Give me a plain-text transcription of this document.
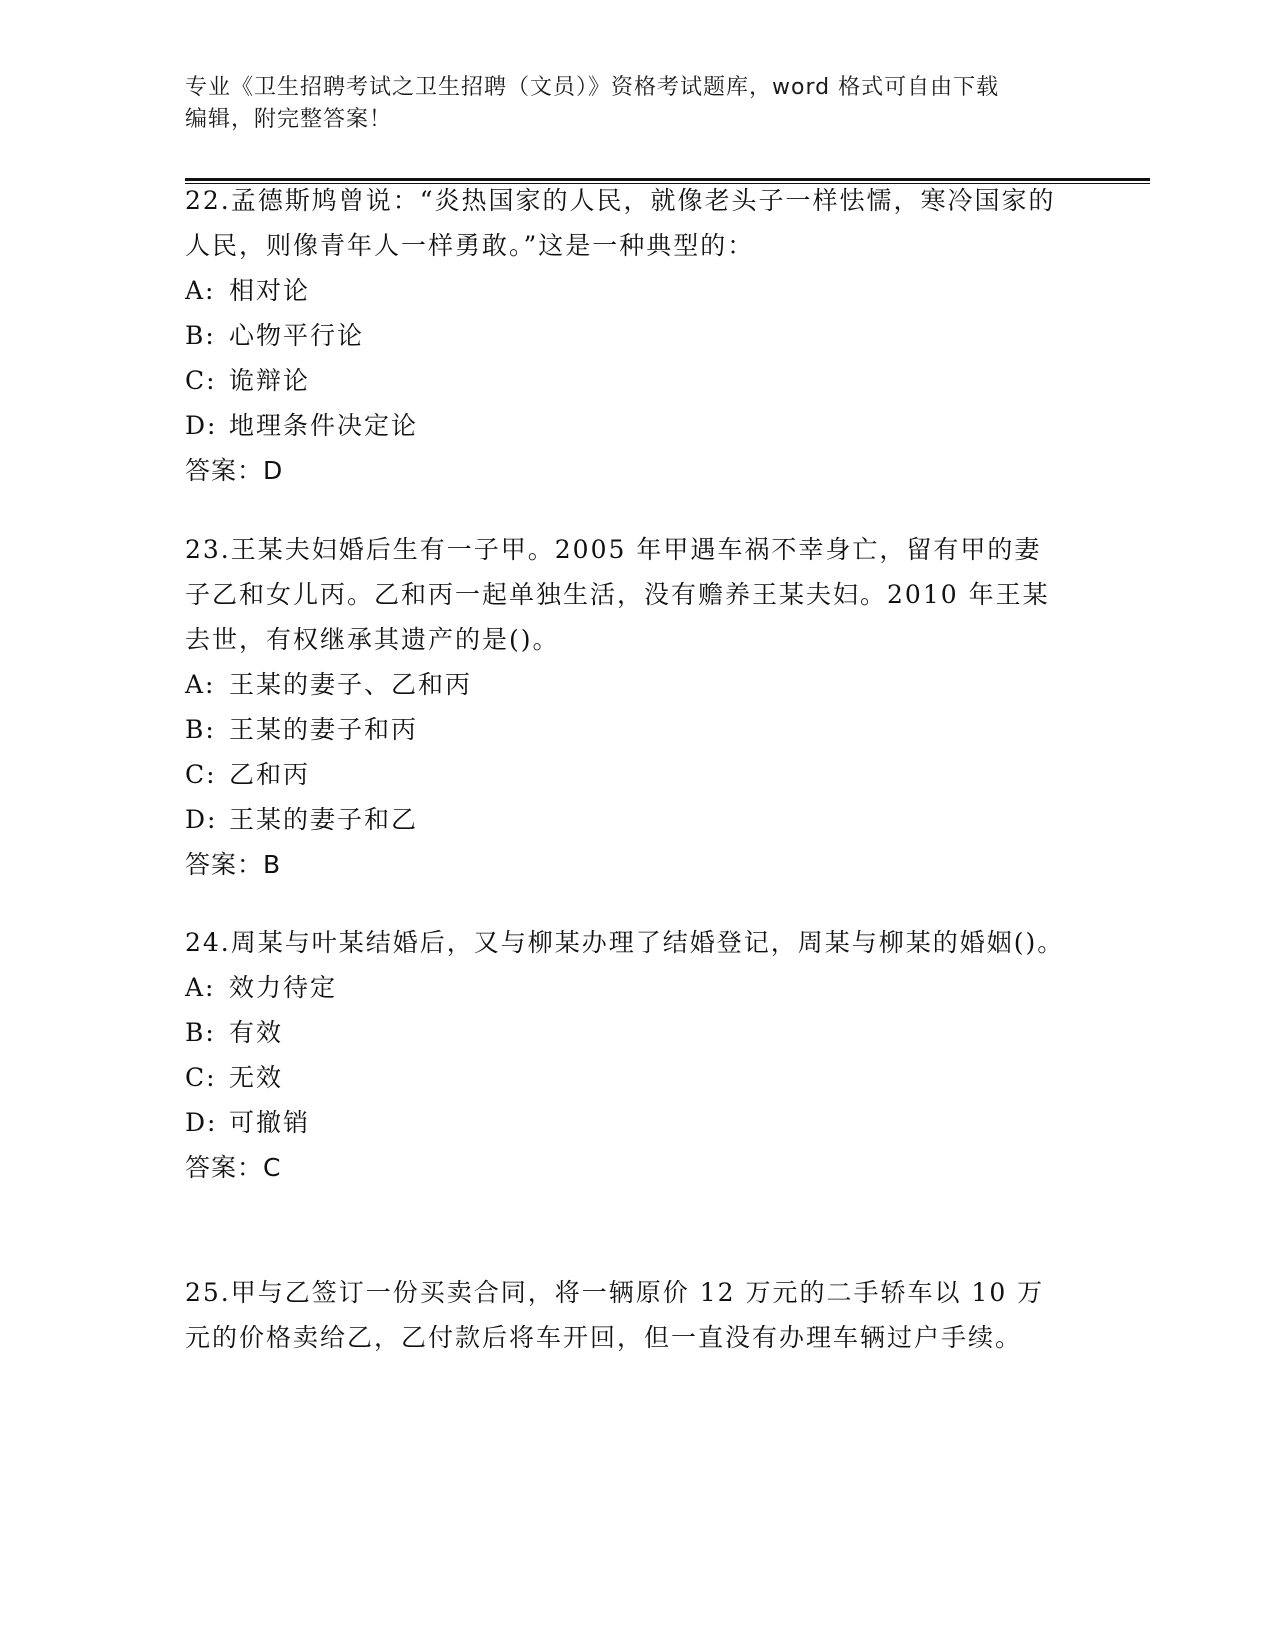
专业《卫生招聘考试之卫生招聘（文员）》资格考试题库，word 格式可自由下载
编辑，附完整答案！

22.孟德斯鸠曾说：“炎热国家的人民，就像老头子一样怯懦，寒冷国家的人民，则像青年人一样勇敢。”这是一种典型的：

A: 相对论

B: 心物平行论

C: 诡辩论

D: 地理条件决定论

答案：D

23.王某夫妇婚后生有一子甲。2005 年甲遇车祸不幸身亡，留有甲的妻子乙和女儿丙。乙和丙一起单独生活，没有赡养王某夫妇。2010 年王某去世，有权继承其遗产的是()。

A: 王某的妻子、乙和丙

B: 王某的妻子和丙

C: 乙和丙

D: 王某的妻子和乙

答案：B

24.周某与叶某结婚后，又与柳某办理了结婚登记，周某与柳某的婚姻()。

A: 效力待定

B: 有效

C: 无效

D: 可撤销

答案：C

25.甲与乙签订一份买卖合同，将一辆原价 12 万元的二手轿车以 10 万元的价格卖给乙，乙付款后将车开回，但一直没有办理车辆过户手续。
